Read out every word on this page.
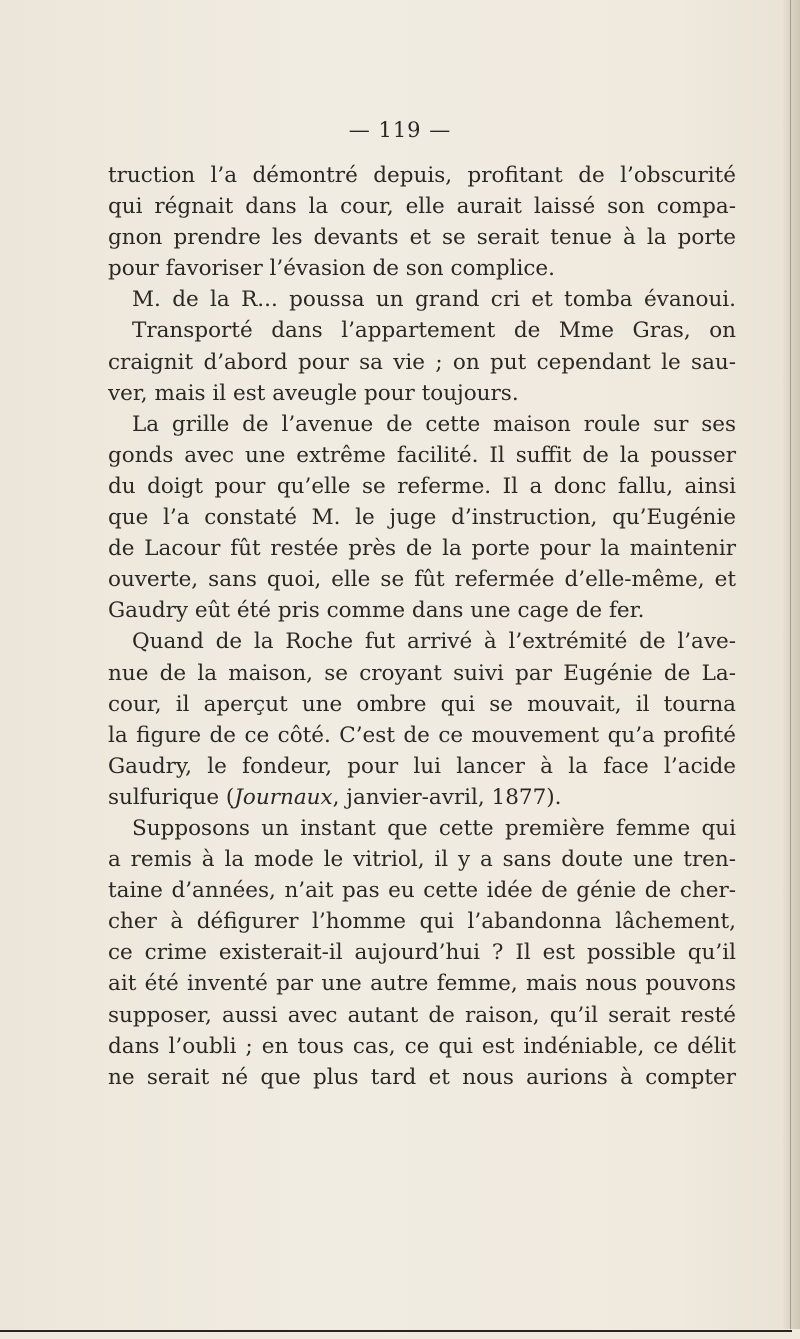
— 119 —
truction l’a démontré depuis, profitant de l’obscurité
qui régnait dans la cour, elle aurait laissé son compa-
gnon prendre les devants et se serait tenue à la porte
pour favoriser l’évasion de son complice.
M. de la R... poussa un grand cri et tomba évanoui.
Transporté dans l’appartement de Mme Gras, on
craignit d’abord pour sa vie ; on put cependant le sau-
ver, mais il est aveugle pour toujours.
La grille de l’avenue de cette maison roule sur ses
gonds avec une extrême facilité. Il suffit de la pousser
du doigt pour qu’elle se referme. Il a donc fallu, ainsi
que l’a constaté M. le juge d’instruction, qu’Eugénie
de Lacour fût restée près de la porte pour la maintenir
ouverte, sans quoi, elle se fût refermée d’elle-même, et
Gaudry eût été pris comme dans une cage de fer.
Quand de la Roche fut arrivé à l’extrémité de l’ave-
nue de la maison, se croyant suivi par Eugénie de La-
cour, il aperçut une ombre qui se mouvait, il tourna
la figure de ce côté. C’est de ce mouvement qu’a profité
Gaudry, le fondeur, pour lui lancer à la face l’acide
sulfurique (Journaux, janvier-avril, 1877).
Supposons un instant que cette première femme qui
a remis à la mode le vitriol, il y a sans doute une tren-
taine d’années, n’ait pas eu cette idée de génie de cher-
cher à défigurer l’homme qui l’abandonna lâchement,
ce crime existerait-il aujourd’hui ? Il est possible qu’il
ait été inventé par une autre femme, mais nous pouvons
supposer, aussi avec autant de raison, qu’il serait resté
dans l’oubli ; en tous cas, ce qui est indéniable, ce délit
ne serait né que plus tard et nous aurions à compter
